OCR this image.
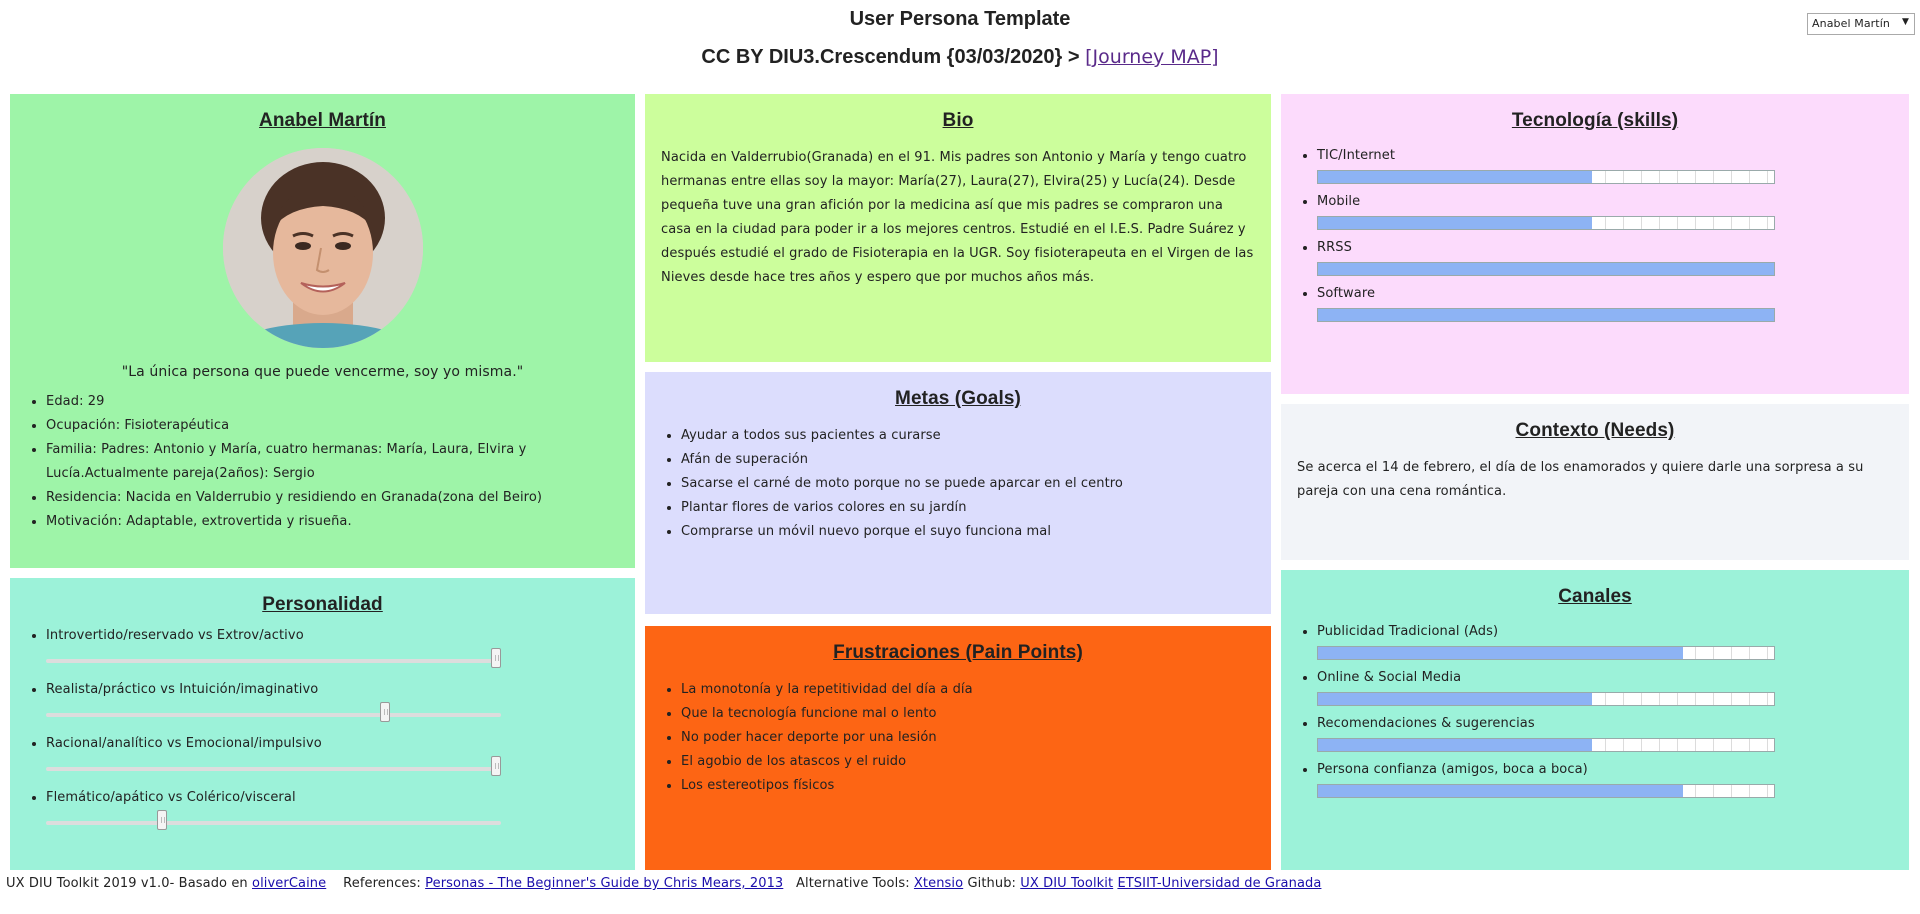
User Persona Template
CC BY DIU3.Crescendum {03/03/2020} > [Journey MAP]
Anabel Martín ▼
Anabel Martín
"La única persona que puede vencerme, soy yo misma."
• Edad: 29
• Ocupación: Fisioterapéutica
• Familia: Padres: Antonio y María, cuatro hermanas: María, Laura, Elvira y Lucía.Actualmente pareja(2años): Sergio
• Residencia: Nacida en Valderrubio y residiendo en Granada(zona del Beiro)
• Motivación: Adaptable, extrovertida y risueña.
Personalidad
• Introvertido/reservado vs Extrov/activo
• Realista/práctico vs Intuición/imaginativo
• Racional/analítico vs Emocional/impulsivo
• Flemático/apático vs Colérico/visceral
Bio

Nacida en Valderrubio(Granada) en el 91. Mis padres son Antonio y María y tengo cuatro hermanas entre ellas soy la mayor: María(27), Laura(27), Elvira(25) y Lucía(24). Desde pequeña tuve una gran afición por la medicina así que mis padres se compraron una casa en la ciudad para poder ir a los mejores centros. Estudié en el I.E.S. Padre Suárez y después estudié el grado de Fisioterapia en la UGR. Soy fisioterapeuta en el Virgen de las Nieves desde hace tres años y espero que por muchos años más.

Metas (Goals)
• Ayudar a todos sus pacientes a curarse
• Afán de superación
• Sacarse el carné de moto porque no se puede aparcar en el centro
• Plantar flores de varios colores en su jardín
• Comprarse un móvil nuevo porque el suyo funciona mal
Frustraciones (Pain Points)
• La monotonía y la repetitividad del día a día
• Que la tecnología funcione mal o lento
• No poder hacer deporte por una lesión
• El agobio de los atascos y el ruido
• Los estereotipos físicos
Tecnología (skills)
• TIC/Internet
• Mobile
• RRSS
• Software
Contexto (Needs)

Se acerca el 14 de febrero, el día de los enamorados y quiere darle una sorpresa a su pareja con una cena romántica.

Canales
• Publicidad Tradicional (Ads)
• Online & Social Media
• Recomendaciones & sugerencias
• Persona confianza (amigos, boca a boca)
UX DIU Toolkit 2019 v1.0- Basado en oliverCaine References: Personas - The Beginner's Guide by Chris Mears, 2013 Alternative Tools: Xtensio Github: UX DIU Toolkit ETSIIT-Universidad de Granada
